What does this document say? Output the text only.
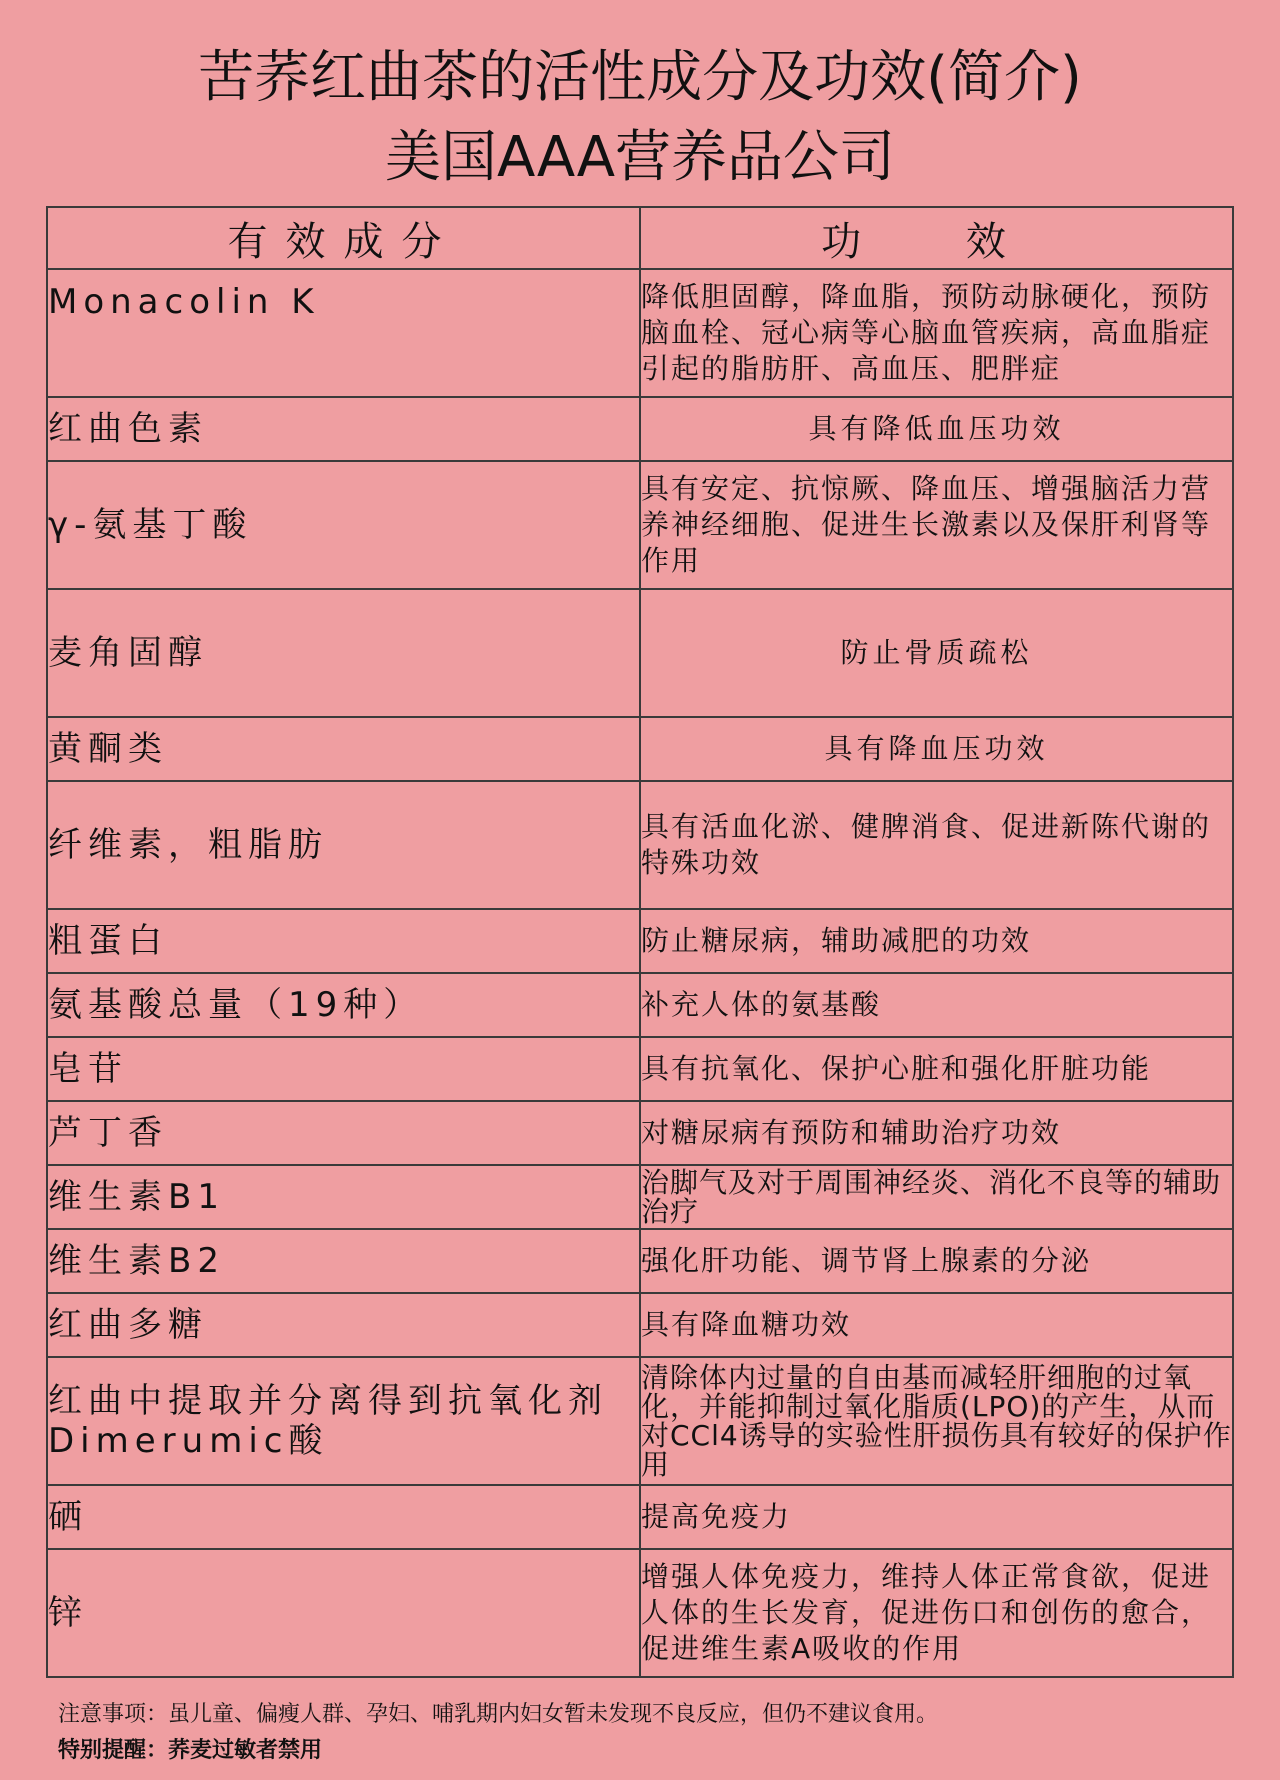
苦荞红曲茶的活性成分及功效(简介)
美国AAA营养品公司
有效成分	功 效
Monacolin K	降低胆固醇，降血脂，预防动脉硬化，预防脑血栓、冠心病等心脑血管疾病，高血脂症引起的脂肪肝、高血压、肥胖症
红曲色素	具有降低血压功效
γ-氨基丁酸	具有安定、抗惊厥、降血压、增强脑活力营养神经细胞、促进生长激素以及保肝利肾等作用
麦角固醇	防止骨质疏松
黄酮类	具有降血压功效
纤维素，粗脂肪	具有活血化淤、健脾消食、促进新陈代谢的特殊功效
粗蛋白	防止糖尿病，辅助减肥的功效
氨基酸总量（19种）	补充人体的氨基酸
皂苷	具有抗氧化、保护心脏和强化肝脏功能
芦丁香	对糖尿病有预防和辅助治疗功效
维生素B1	治脚气及对于周围神经炎、消化不良等的辅助治疗
维生素B2	强化肝功能、调节肾上腺素的分泌
红曲多糖	具有降血糖功效
红曲中提取并分离得到抗氧化剂Dimerumic酸	清除体内过量的自由基而减轻肝细胞的过氧化，并能抑制过氧化脂质(LPO)的产生，从而对CCl4诱导的实验性肝损伤具有较好的保护作用
硒	提高免疫力
锌	增强人体免疫力，维持人体正常食欲，促进人体的生长发育，促进伤口和创伤的愈合，促进维生素A吸收的作用
注意事项：虽儿童、偏瘦人群、孕妇、哺乳期内妇女暂未发现不良反应，但仍不建议食用。
特别提醒：荞麦过敏者禁用
